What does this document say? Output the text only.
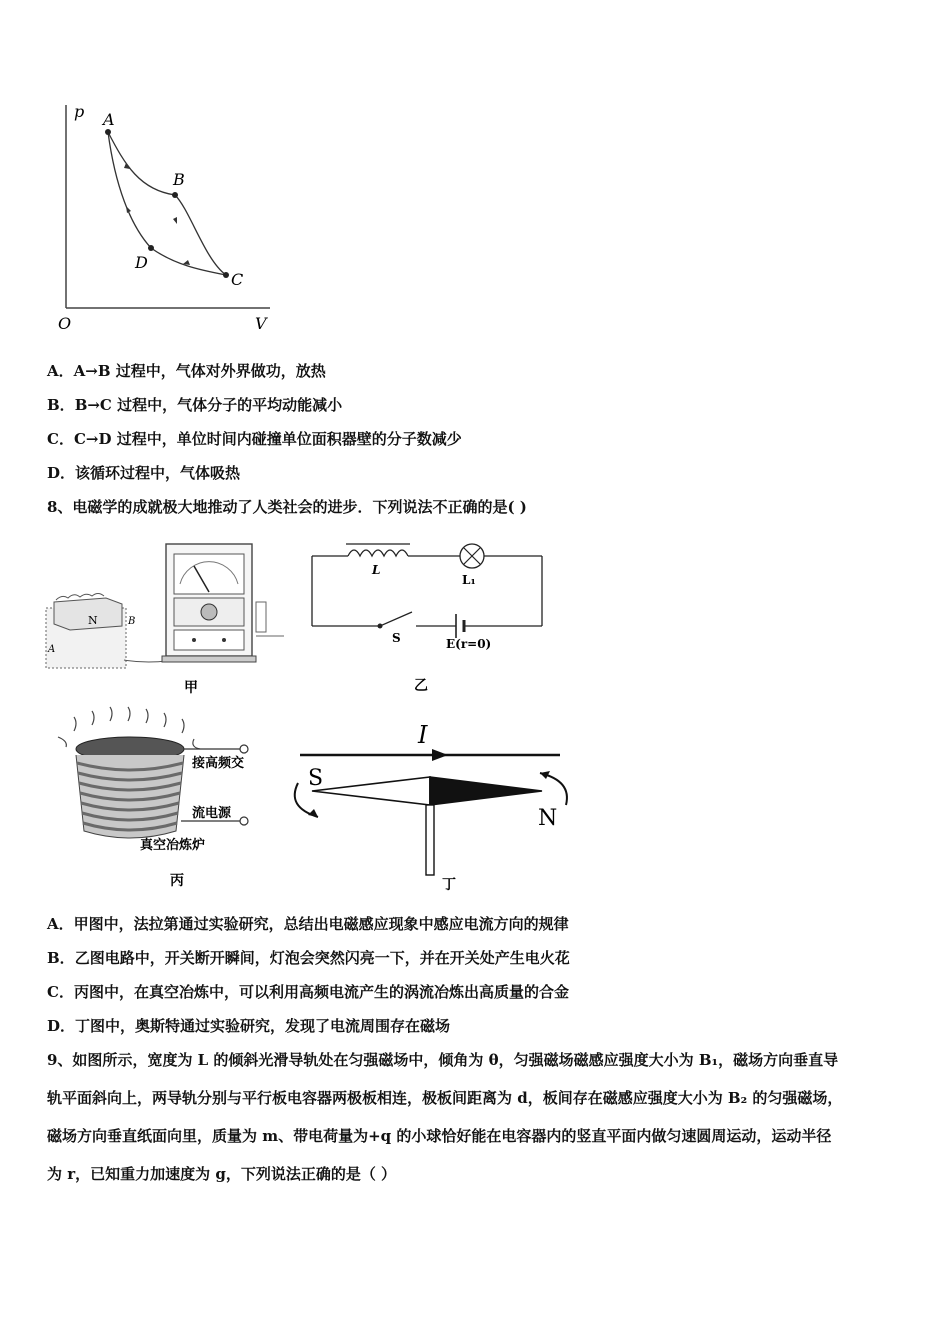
p
V
O
A
B
C
D
A．A→B 过程中，气体对外界做功，放热
B．B→C 过程中，气体分子的平均动能减小
C．C→D 过程中，单位时间内碰撞单位面积器壁的分子数减少
D．该循环过程中，气体吸热
8、电磁学的成就极大地推动了人类社会的进步．下列说法不正确的是( )
N
A
B
甲
L
L₁
S	E(r=0)
乙
接高频交
流电源
真空冶炼炉
丙
I
S
N
丁
A．甲图中，法拉第通过实验研究，总结出电磁感应现象中感应电流方向的规律
B．乙图电路中，开关断开瞬间，灯泡会突然闪亮一下，并在开关处产生电火花
C．丙图中，在真空冶炼中，可以利用高频电流产生的涡流冶炼出高质量的合金
D．丁图中，奥斯特通过实验研究，发现了电流周围存在磁场
9、如图所示，宽度为 L 的倾斜光滑导轨处在匀强磁场中，倾角为 θ，匀强磁场磁感应强度大小为 B₁，磁场方向垂直导
轨平面斜向上，两导轨分别与平行板电容器两极板相连，极板间距离为 d，板间存在磁感应强度大小为 B₂ 的匀强磁场，
磁场方向垂直纸面向里，质量为 m、带电荷量为+q 的小球恰好能在电容器内的竖直平面内做匀速圆周运动，运动半径
为 r，已知重力加速度为 g，下列说法正确的是（ ）
